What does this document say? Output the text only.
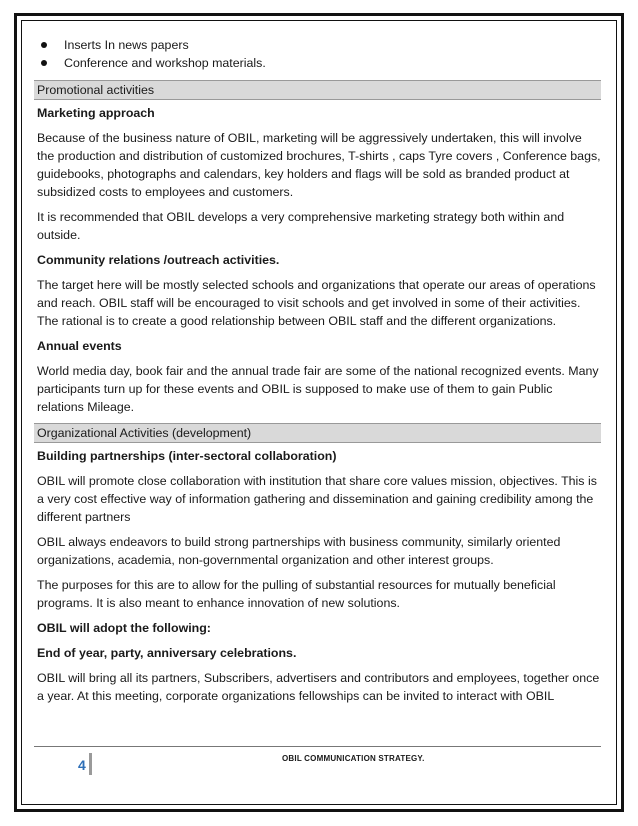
Inserts In news papers
Conference and workshop materials.
Promotional activities
Marketing approach
Because of the business nature of OBIL, marketing will be aggressively undertaken, this will involve the production and distribution of customized brochures, T-shirts , caps Tyre covers , Conference bags, guidebooks, photographs and calendars, key holders and flags will be sold as branded product at subsidized costs to employees and customers.
It is recommended that OBIL develops a very comprehensive marketing strategy both within and outside.
Community relations /outreach activities.
The target here will be mostly selected schools and organizations that operate our areas of operations and reach. OBIL staff will be encouraged to visit schools and get involved in some of their activities. The rational is to create a good relationship between OBIL staff and the different organizations.
Annual events
World media day, book fair and the annual trade fair are some of the national recognized events. Many participants turn up for these events and OBIL is supposed to make use of them to gain Public relations Mileage.
Organizational Activities (development)
Building partnerships (inter-sectoral collaboration)
OBIL will promote close collaboration with institution that share core values mission, objectives. This is a very cost effective way of information gathering and dissemination and gaining credibility among the different partners
OBIL always endeavors to build strong partnerships with business community, similarly oriented organizations, academia, non-governmental organization and other interest groups.
The purposes for this are to allow for the pulling of substantial resources for mutually beneficial programs. It is also meant to enhance innovation of new solutions.
OBIL will adopt the following:
End of year, party, anniversary celebrations.
OBIL will bring all its partners, Subscribers, advertisers and contributors and employees, together once a year. At this meeting, corporate organizations fellowships can be invited to interact with OBIL
4	OBIL COMMUNICATION STRATEGY.
